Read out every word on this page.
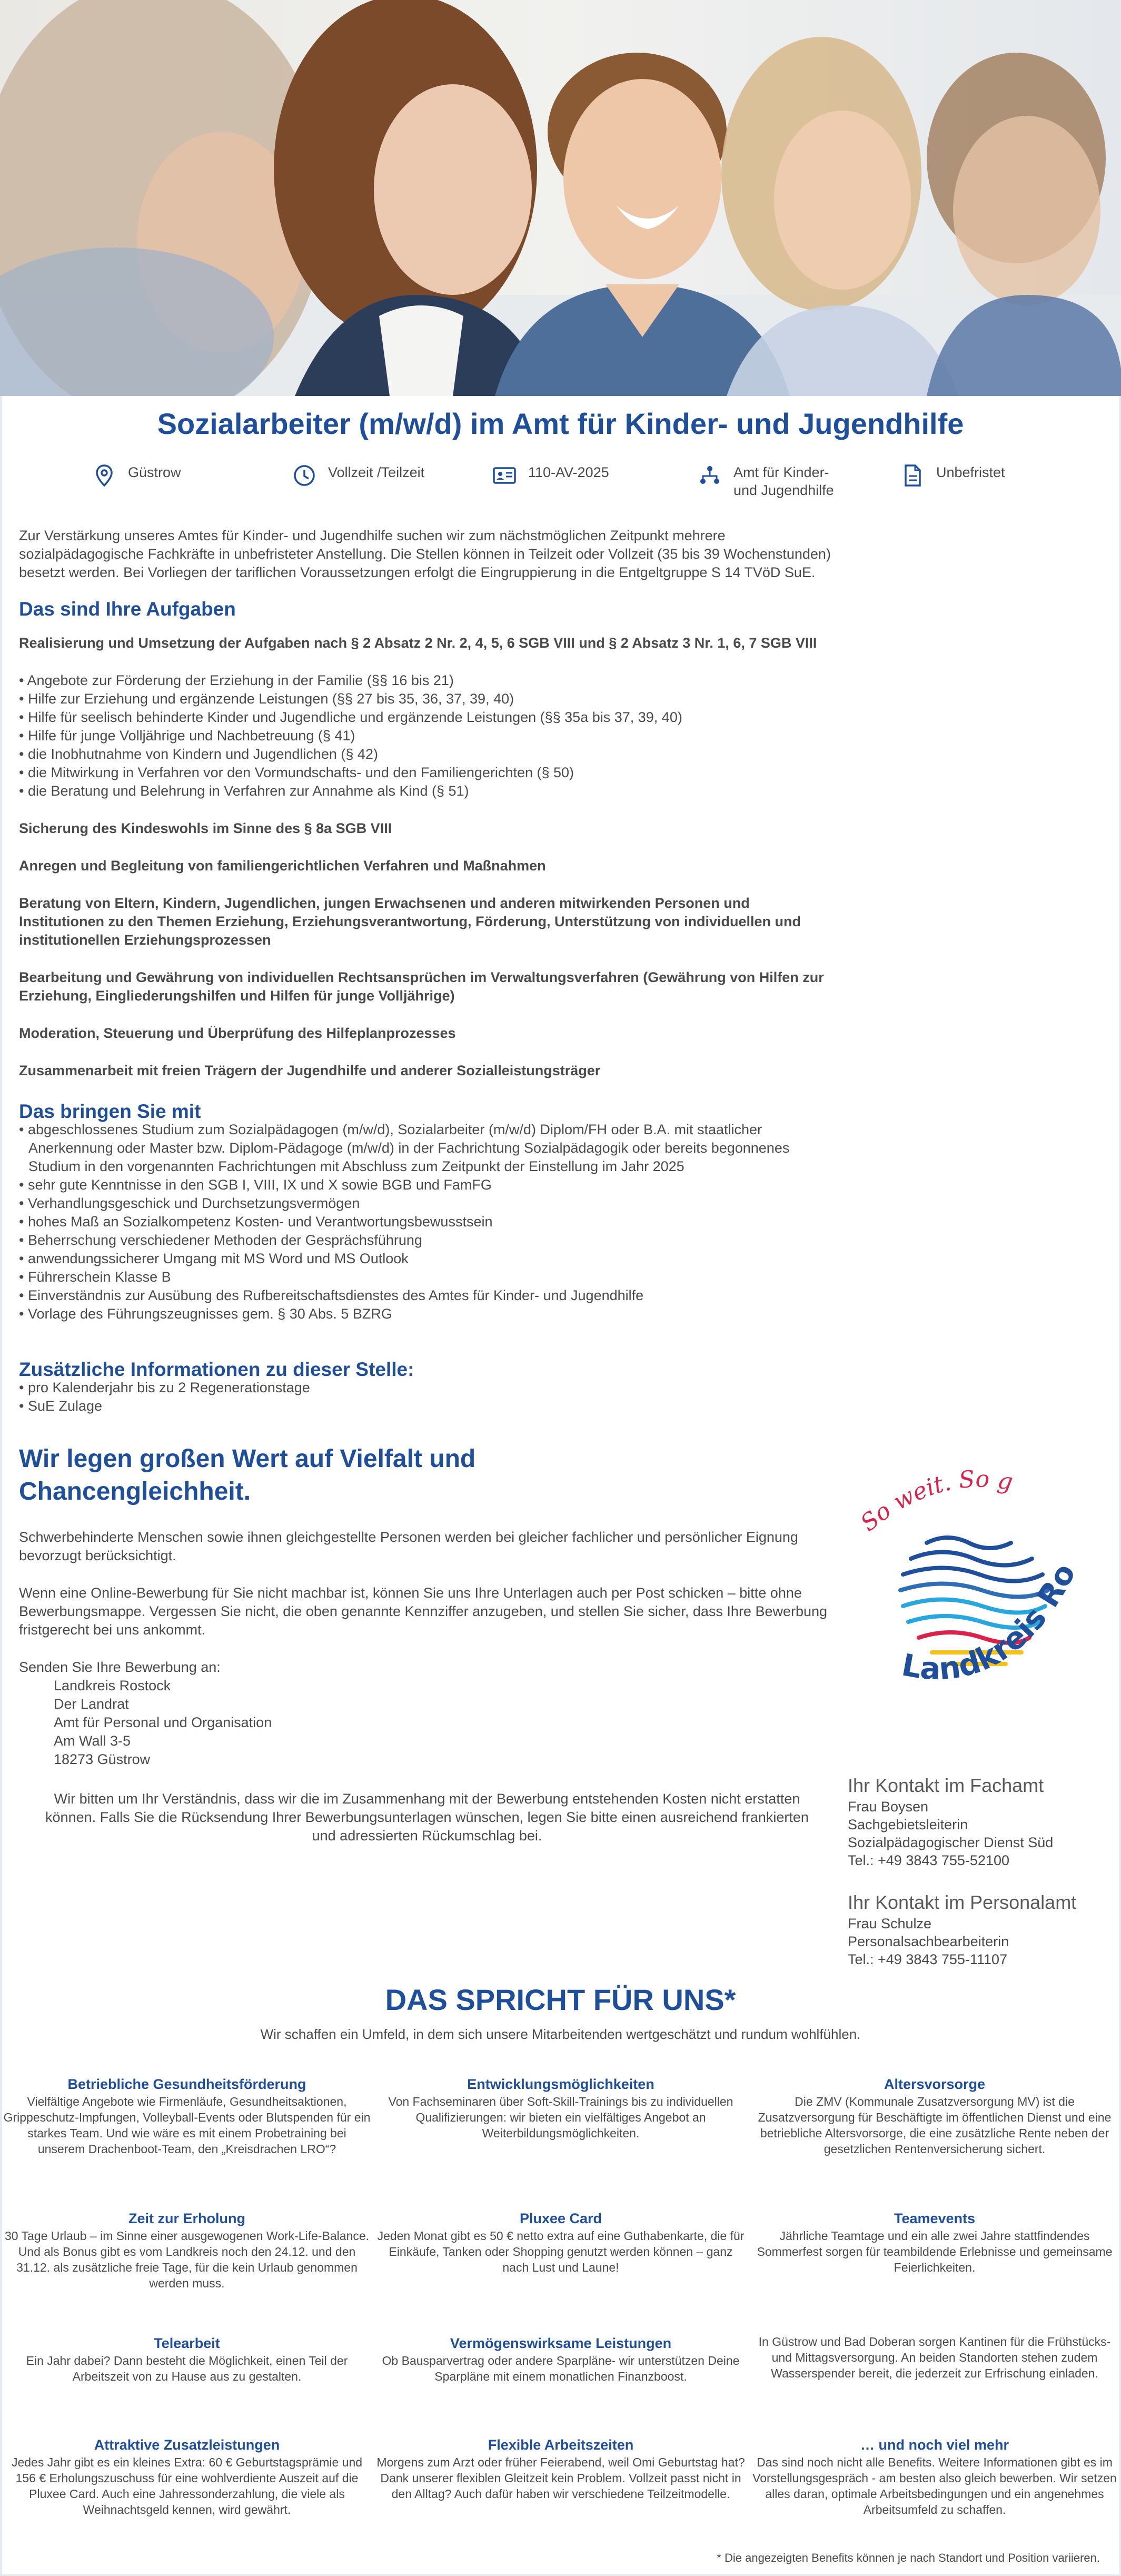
Sozialarbeiter (m/w/d) im Amt für Kinder- und Jugendhilfe
Güstrow	Vollzeit /Teilzeit	110-AV-2025	Amt für Kinder-
und Jugendhilfe
Unbefristet

Zur Verstärkung unseres Amtes für Kinder- und Jugendhilfe suchen wir zum nächstmöglichen Zeitpunkt mehrere sozialpädagogische Fachkräfte in unbefristeter Anstellung. Die Stellen können in Teilzeit oder Vollzeit (35 bis 39 Wochenstunden) besetzt werden. Bei Vorliegen der tariflichen Voraussetzungen erfolgt die Eingruppierung in die Entgeltgruppe S 14 TVöD SuE.

Das sind Ihre Aufgaben

Realisierung und Umsetzung der Aufgaben nach § 2 Absatz 2 Nr. 2, 4, 5, 6 SGB VIII und § 2 Absatz 3 Nr. 1, 6, 7 SGB VIII

• Angebote zur Förderung der Erziehung in der Familie (§§ 16 bis 21)
• Hilfe zur Erziehung und ergänzende Leistungen (§§ 27 bis 35, 36, 37, 39, 40)
• Hilfe für seelisch behinderte Kinder und Jugendliche und ergänzende Leistungen (§§ 35a bis 37, 39, 40)
• Hilfe für junge Volljährige und Nachbetreuung (§ 41)
• die Inobhutnahme von Kindern und Jugendlichen (§ 42)
• die Mitwirkung in Verfahren vor den Vormundschafts- und den Familiengerichten (§ 50)
• die Beratung und Belehrung in Verfahren zur Annahme als Kind (§ 51)

Sicherung des Kindeswohls im Sinne des § 8a SGB VIII

Anregen und Begleitung von familiengerichtlichen Verfahren und Maßnahmen

Beratung von Eltern, Kindern, Jugendlichen, jungen Erwachsenen und anderen mitwirkenden Personen und Institutionen zu den Themen Erziehung, Erziehungsverantwortung, Förderung, Unterstützung von individuellen und institutionellen Erziehungsprozessen

Bearbeitung und Gewährung von individuellen Rechtsansprüchen im Verwaltungsverfahren (Gewährung von Hilfen zur Erziehung, Eingliederungshilfen und Hilfen für junge Volljährige)

Moderation, Steuerung und Überprüfung des Hilfeplanprozesses

Zusammenarbeit mit freien Trägern der Jugendhilfe und anderer Sozialleistungsträger

Das bringen Sie mit
• abgeschlossenes Studium zum Sozialpädagogen (m/w/d), Sozialarbeiter (m/w/d) Diplom/FH oder B.A. mit staatlicher Anerkennung oder Master bzw. Diplom-Pädagoge (m/w/d) in der Fachrichtung Sozialpädagogik oder bereits begonnenes Studium in den vorgenannten Fachrichtungen mit Abschluss zum Zeitpunkt der Einstellung im Jahr 2025
• sehr gute Kenntnisse in den SGB I, VIII, IX und X sowie BGB und FamFG
• Verhandlungsgeschick und Durchsetzungsvermögen
• hohes Maß an Sozialkompetenz Kosten- und Verantwortungsbewusstsein
• Beherrschung verschiedener Methoden der Gesprächsführung
• anwendungssicherer Umgang mit MS Word und MS Outlook
• Führerschein Klasse B
• Einverständnis zur Ausübung des Rufbereitschaftsdienstes des Amtes für Kinder- und Jugendhilfe
• Vorlage des Führungszeugnisses gem. § 30 Abs. 5 BZRG
Zusätzliche Informationen zu dieser Stelle:
• pro Kalenderjahr bis zu 2 Regenerationstage
• SuE Zulage
Wir legen großen Wert auf Vielfalt und Chancengleichheit.

Schwerbehinderte Menschen sowie ihnen gleichgestellte Personen werden bei gleicher fachlicher und persönlicher Eignung bevorzugt berücksichtigt.

Wenn eine Online-Bewerbung für Sie nicht machbar ist, können Sie uns Ihre Unterlagen auch per Post schicken – bitte ohne Bewerbungsmappe. Vergessen Sie nicht, die oben genannte Kennziffer anzugeben, und stellen Sie sicher, dass Ihre Bewerbung fristgerecht bei uns ankommt.

Senden Sie Ihre Bewerbung an:

Landkreis Rostock
Der Landrat
Amt für Personal und Organisation
Am Wall 3-5
18273 Güstrow

Wir bitten um Ihr Verständnis, dass wir die im Zusammenhang mit der Bewerbung entstehenden Kosten nicht erstatten können. Falls Sie die Rücksendung Ihrer Bewerbungsunterlagen wünschen, legen Sie bitte einen ausreichend frankierten und adressierten Rückumschlag bei.

So weit. So g
Landkreis Ro
Ihr Kontakt im Fachamt
Frau Boysen
Sachgebietsleiterin
Sozialpädagogischer Dienst Süd
Tel.: +49 3843 755-52100
Ihr Kontakt im Personalamt
Frau Schulze
Personalsachbearbeiterin
Tel.: +49 3843 755-11107
DAS SPRICHT FÜR UNS*
Wir schaffen ein Umfeld, in dem sich unsere Mitarbeitenden wertgeschätzt und rundum wohlfühlen.
Betriebliche Gesundheitsförderung
Vielfältige Angebote wie Firmenläufe, Gesundheitsaktionen, Grippeschutz-Impfungen, Volleyball-Events oder Blutspenden für ein starkes Team. Und wie wäre es mit einem Probetraining bei unserem Drachenboot-Team, den „Kreisdrachen LRO“?
Entwicklungsmöglichkeiten
Von Fachseminaren über Soft-Skill-Trainings bis zu individuellen Qualifizierungen: wir bieten ein vielfältiges Angebot an Weiterbildungsmöglichkeiten.
Altersvorsorge
Die ZMV (Kommunale Zusatzversorgung MV) ist die Zusatzversorgung für Beschäftigte im öffentlichen Dienst und eine betriebliche Altersvorsorge, die eine zusätzliche Rente neben der gesetzlichen Rentenversicherung sichert.
Zeit zur Erholung
30 Tage Urlaub – im Sinne einer ausgewogenen Work-Life-Balance. Und als Bonus gibt es vom Landkreis noch den 24.12. und den 31.12. als zusätzliche freie Tage, für die kein Urlaub genommen werden muss.
Pluxee Card
Jeden Monat gibt es 50 € netto extra auf eine Guthabenkarte, die für Einkäufe, Tanken oder Shopping genutzt werden können – ganz nach Lust und Laune!
Teamevents
Jährliche Teamtage und ein alle zwei Jahre stattfindendes Sommerfest sorgen für teambildende Erlebnisse und gemeinsame Feierlichkeiten.
Telearbeit
Ein Jahr dabei? Dann besteht die Möglichkeit, einen Teil der Arbeitszeit von zu Hause aus zu gestalten.
Vermögenswirksame Leistungen
Ob Bausparvertrag oder andere Sparpläne- wir unterstützen Deine Sparpläne mit einem monatlichen Finanzboost.
In Güstrow und Bad Doberan sorgen Kantinen für die Frühstücks- und Mittagsversorgung. An beiden Standorten stehen zudem Wasserspender bereit, die jederzeit zur Erfrischung einladen.
Attraktive Zusatzleistungen
Jedes Jahr gibt es ein kleines Extra: 60 € Geburtstagsprämie und 156 € Erholungszuschuss für eine wohlverdiente Auszeit auf die Pluxee Card. Auch eine Jahressonderzahlung, die viele als Weihnachtsgeld kennen, wird gewährt.
Flexible Arbeitszeiten
Morgens zum Arzt oder früher Feierabend, weil Omi Geburtstag hat? Dank unserer flexiblen Gleitzeit kein Problem. Vollzeit passt nicht in den Alltag? Auch dafür haben wir verschiedene Teilzeitmodelle.
… und noch viel mehr
Das sind noch nicht alle Benefits. Weitere Informationen gibt es im Vorstellungsgespräch - am besten also gleich bewerben. Wir setzen alles daran, optimale Arbeitsbedingungen und ein angenehmes Arbeitsumfeld zu schaffen.
* Die angezeigten Benefits können je nach Standort und Position variieren.
